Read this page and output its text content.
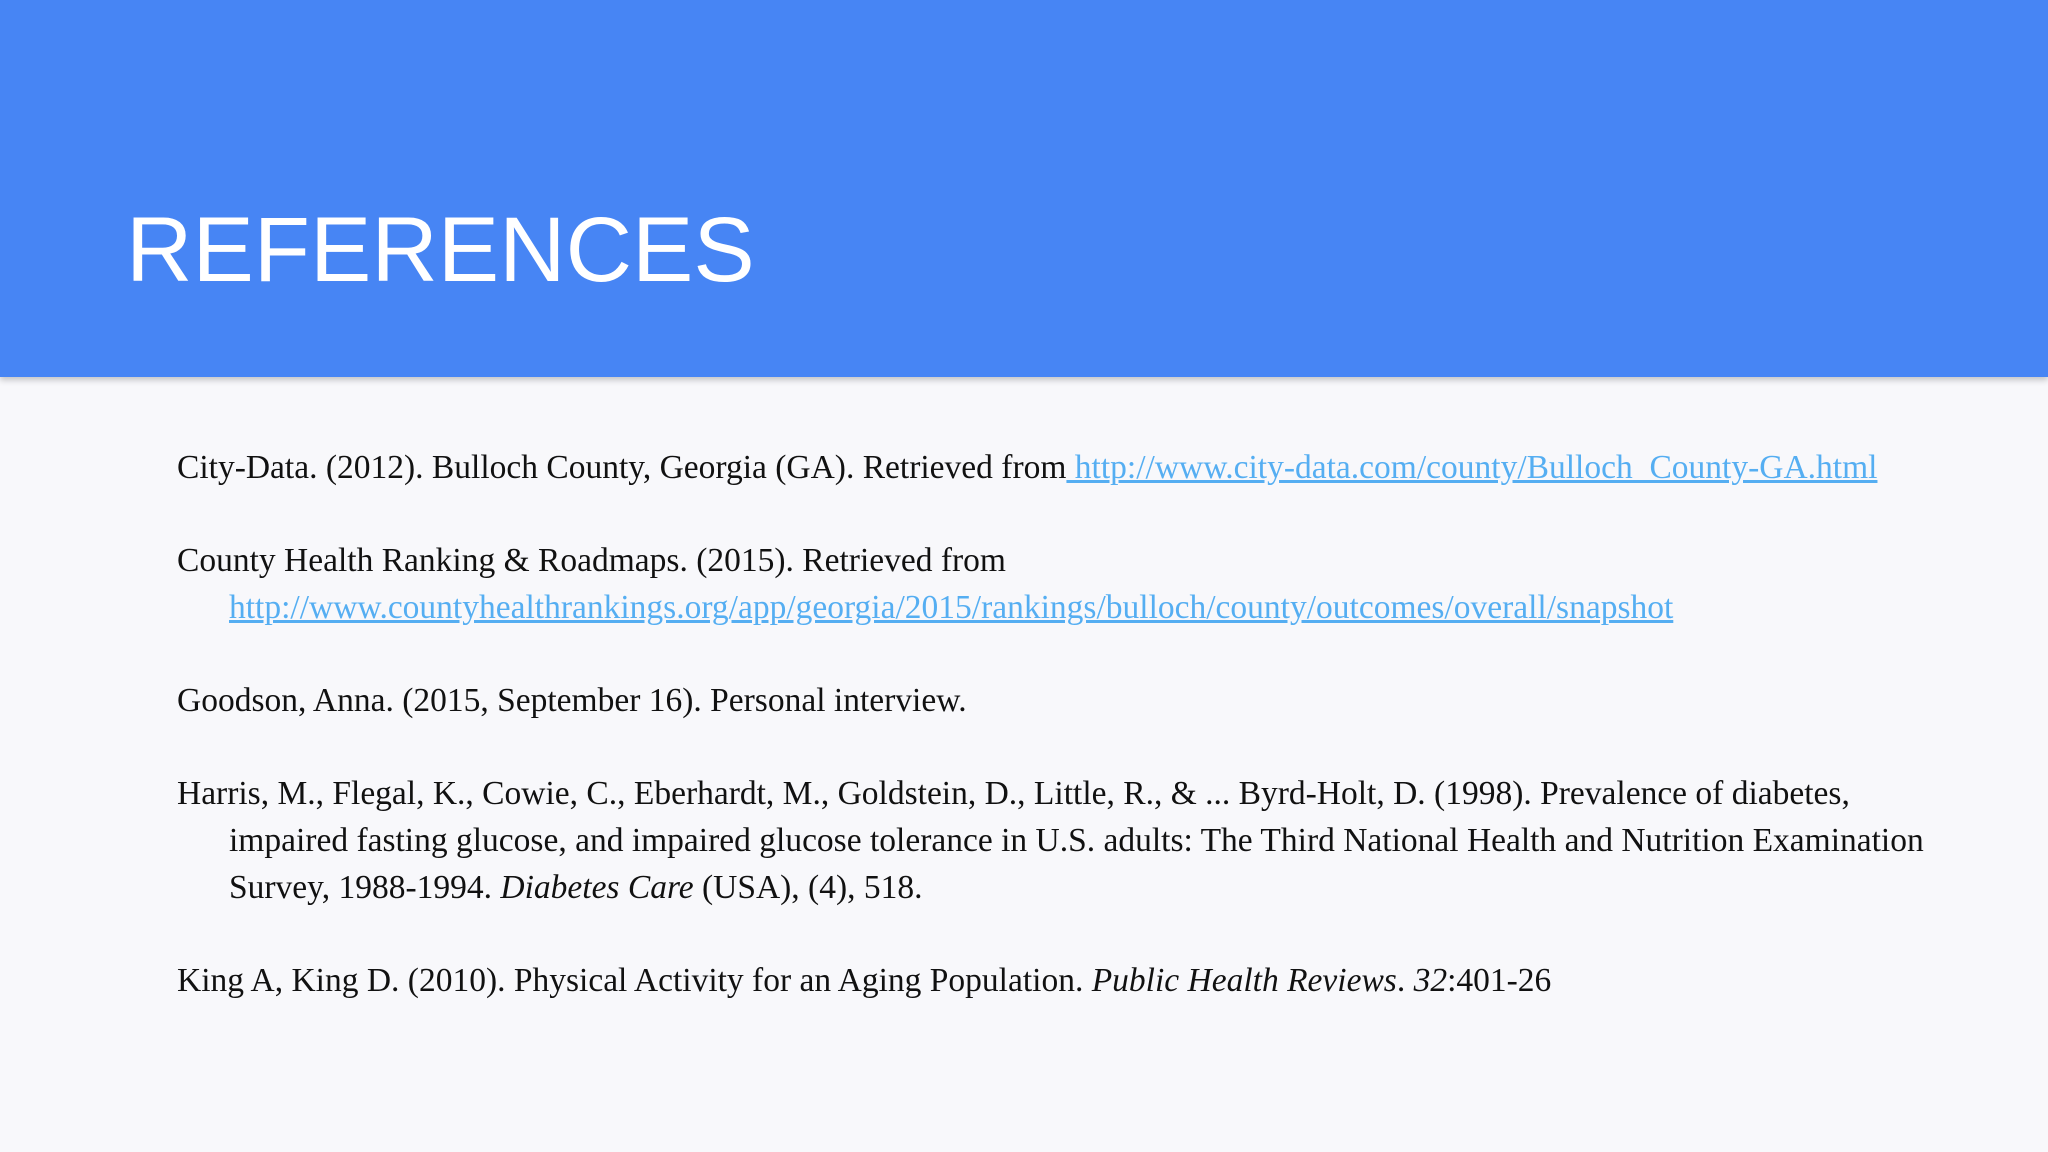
REFERENCES

City-Data. (2012). Bulloch County, Georgia (GA). Retrieved from http://www.city-data.com/county/Bulloch_County-GA.html

County Health Ranking & Roadmaps. (2015). Retrieved from http://www.countyhealthrankings.org/app/georgia/2015/rankings/bulloch/county/outcomes/overall/snapshot

Goodson, Anna. (2015, September 16). Personal interview.

Harris, M., Flegal, K., Cowie, C., Eberhardt, M., Goldstein, D., Little, R., & ... Byrd-Holt, D. (1998). Prevalence of diabetes, impaired fasting glucose, and impaired glucose tolerance in U.S. adults: The Third National Health and Nutrition Examination Survey, 1988-1994. Diabetes Care (USA), (4), 518.

King A, King D. (2010). Physical Activity for an Aging Population. Public Health Reviews. 32:401-26
